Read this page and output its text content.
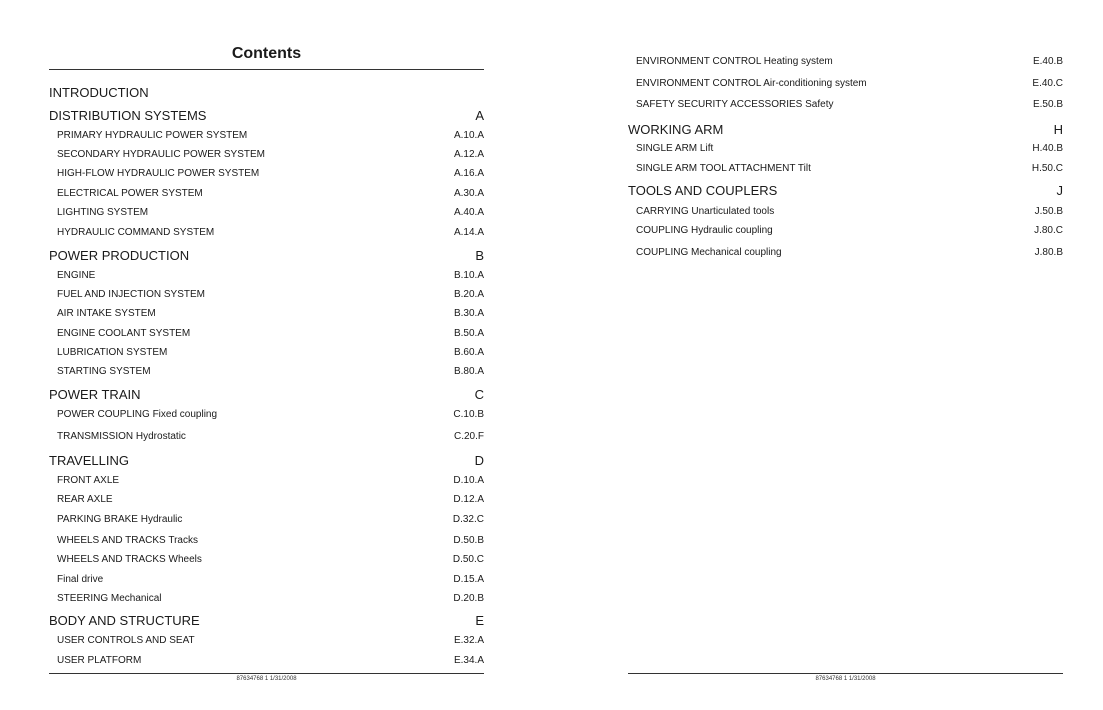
Contents
INTRODUCTION
DISTRIBUTION SYSTEMS	A
PRIMARY HYDRAULIC POWER SYSTEM	A.10.A
SECONDARY HYDRAULIC POWER SYSTEM	A.12.A
HIGH-FLOW HYDRAULIC POWER SYSTEM	A.16.A
ELECTRICAL POWER SYSTEM	A.30.A
LIGHTING SYSTEM	A.40.A
HYDRAULIC COMMAND SYSTEM	A.14.A
POWER PRODUCTION	B
ENGINE	B.10.A
FUEL AND INJECTION SYSTEM	B.20.A
AIR INTAKE SYSTEM	B.30.A
ENGINE COOLANT SYSTEM	B.50.A
LUBRICATION SYSTEM	B.60.A
STARTING SYSTEM	B.80.A
POWER TRAIN	C
POWER COUPLING Fixed coupling	C.10.B
TRANSMISSION Hydrostatic	C.20.F
TRAVELLING	D
FRONT AXLE	D.10.A
REAR AXLE	D.12.A
PARKING BRAKE Hydraulic	D.32.C
WHEELS AND TRACKS Tracks	D.50.B
WHEELS AND TRACKS Wheels	D.50.C
Final drive	D.15.A
STEERING Mechanical	D.20.B
BODY AND STRUCTURE	E
USER CONTROLS AND SEAT	E.32.A
USER PLATFORM	E.34.A
87634768 1 1/31/2008
ENVIRONMENT CONTROL Heating system	E.40.B
ENVIRONMENT CONTROL Air-conditioning system	E.40.C
SAFETY SECURITY ACCESSORIES Safety	E.50.B
WORKING ARM	H
SINGLE ARM Lift	H.40.B
SINGLE ARM TOOL ATTACHMENT Tilt	H.50.C
TOOLS AND COUPLERS	J
CARRYING Unarticulated tools	J.50.B
COUPLING Hydraulic coupling	J.80.C
COUPLING Mechanical coupling	J.80.B
87634768 1 1/31/2008
